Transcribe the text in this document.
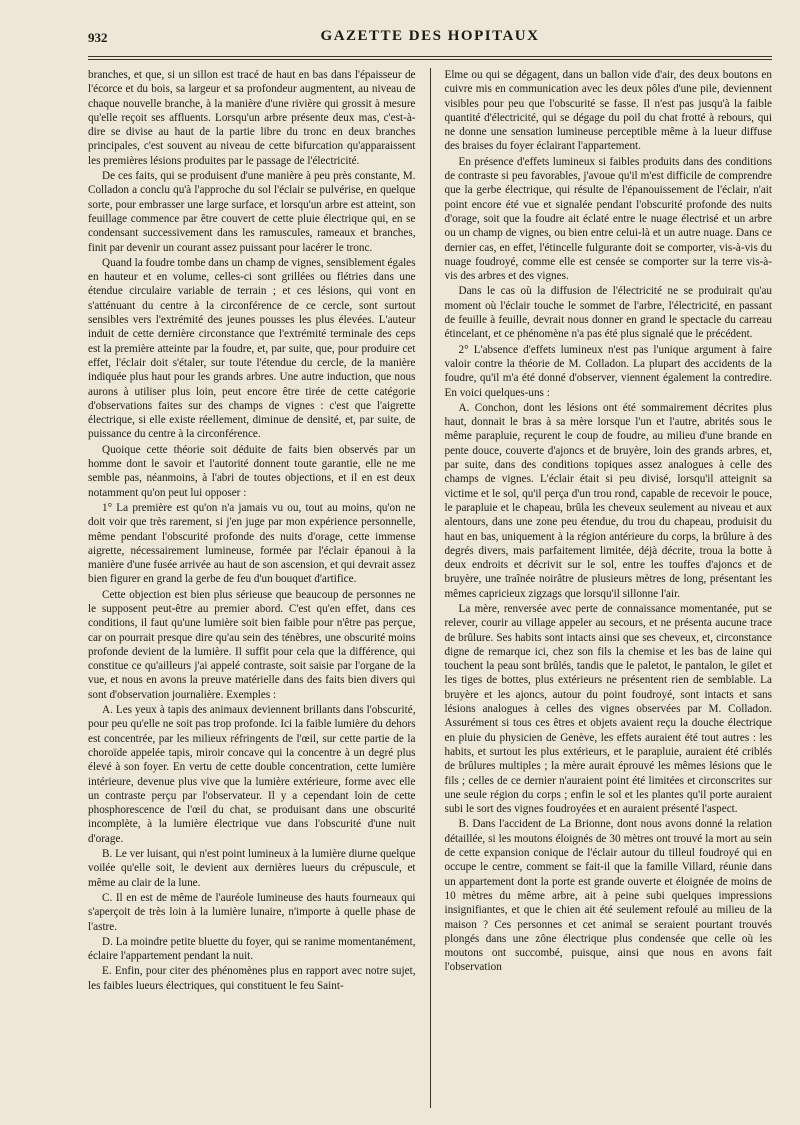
932	GAZETTE DES HOPITAUX

branches, et que, si un sillon est tracé de haut en bas dans l'épaisseur de l'écorce et du bois, sa largeur et sa profondeur augmentent, au niveau de chaque nouvelle branche, à la manière d'une rivière qui grossit à mesure qu'elle reçoit ses affluents. Lorsqu'un arbre présente deux mas, c'est-à-dire se divise au haut de la partie libre du tronc en deux branches principales, c'est souvent au niveau de cette bifurcation qu'apparaissent les premières lésions produites par le passage de l'électricité.

De ces faits, qui se produisent d'une manière à peu près constante, M. Colladon a conclu qu'à l'approche du sol l'éclair se pulvérise, en quelque sorte, pour embrasser une large surface, et lorsqu'un arbre est atteint, son feuillage commence par être couvert de cette pluie électrique qui, en se condensant successivement dans les ramuscules, rameaux et branches, finit par devenir un courant assez puissant pour lacérer le tronc.

Quand la foudre tombe dans un champ de vignes, sensiblement égales en hauteur et en volume, celles-ci sont grillées ou flétries dans une étendue circulaire variable de terrain ; et ces lésions, qui vont en s'atténuant du centre à la circonférence de ce cercle, sont surtout sensibles vers l'extrémité des jeunes pousses les plus élevées. L'auteur induit de cette dernière circonstance que l'extrémité terminale des ceps est la première atteinte par la foudre, et, par suite, que, pour produire cet effet, l'éclair doit s'étaler, sur toute l'étendue du cercle, de la manière indiquée plus haut pour les grands arbres. Une autre induction, que nous aurons à utiliser plus loin, peut encore être tirée de cette catégorie d'observations faites sur des champs de vignes : c'est que l'aigrette électrique, si elle existe réellement, diminue de densité, et, par suite, de puissance du centre à la circonférence.

Quoique cette théorie soit déduite de faits bien observés par un homme dont le savoir et l'autorité donnent toute garantie, elle ne me semble pas, néanmoins, à l'abri de toutes objections, et il en est deux notamment qu'on peut lui opposer :

1° La première est qu'on n'a jamais vu ou, tout au moins, qu'on ne doit voir que très rarement, si j'en juge par mon expérience personnelle, même pendant l'obscurité profonde des nuits d'orage, cette immense aigrette, nécessairement lumineuse, formée par l'éclair épanoui à la manière d'une fusée arrivée au haut de son ascension, et qui devrait assez bien figurer en grand la gerbe de feu d'un bouquet d'artifice.

Cette objection est bien plus sérieuse que beaucoup de personnes ne le supposent peut-être au premier abord. C'est qu'en effet, dans ces conditions, il faut qu'une lumière soit bien faible pour n'être pas perçue, car on pourrait presque dire qu'au sein des ténèbres, une obscurité moins profonde devient de la lumière. Il suffit pour cela que la différence, qui constitue ce qu'ailleurs j'ai appelé contraste, soit saisie par l'organe de la vue, et nous en avons la preuve matérielle dans des faits bien divers qui sont d'observation journalière. Exemples :

A. Les yeux à tapis des animaux deviennent brillants dans l'obscurité, pour peu qu'elle ne soit pas trop profonde. Ici la faible lumière du dehors est concentrée, par les milieux réfringents de l'œil, sur cette partie de la choroïde appelée tapis, miroir concave qui la concentre à un degré plus élevé à son foyer. En vertu de cette double concentration, cette lumière intérieure, devenue plus vive que la lumière extérieure, forme avec elle un contraste perçu par l'observateur. Il y a cependant loin de cette phosphorescence de l'œil du chat, se produisant dans une obscurité incomplète, à la lumière électrique vue dans l'obscurité d'une nuit d'orage.

B. Le ver luisant, qui n'est point lumineux à la lumière diurne quelque voilée qu'elle soit, le devient aux dernières lueurs du crépuscule, et même au clair de la lune.

C. Il en est de même de l'auréole lumineuse des hauts fourneaux qui s'aperçoit de très loin à la lumière lunaire, n'importe à quelle phase de l'astre.

D. La moindre petite bluette du foyer, qui se ranime momentanément, éclaire l'appartement pendant la nuit.

E. Enfin, pour citer des phénomènes plus en rapport avec notre sujet, les faibles lueurs électriques, qui constituent le feu Saint-

Elme ou qui se dégagent, dans un ballon vide d'air, des deux boutons en cuivre mis en communication avec les deux pôles d'une pile, deviennent visibles pour peu que l'obscurité se fasse. Il n'est pas jusqu'à la faible quantité d'électricité, qui se dégage du poil du chat frotté à rebours, qui ne donne une sensation lumineuse perceptible même à la lueur diffuse des braises du foyer éclairant l'appartement.

En présence d'effets lumineux si faibles produits dans des conditions de contraste si peu favorables, j'avoue qu'il m'est difficile de comprendre que la gerbe électrique, qui résulte de l'épanouissement de l'éclair, n'ait point encore été vue et signalée pendant l'obscurité profonde des nuits d'orage, soit que la foudre ait éclaté entre le nuage électrisé et un arbre ou un champ de vignes, ou bien entre celui-là et un autre nuage. Dans ce dernier cas, en effet, l'étincelle fulgurante doit se comporter, vis-à-vis du nuage foudroyé, comme elle est censée se comporter sur la terre vis-à-vis des arbres et des vignes.

Dans le cas où la diffusion de l'électricité ne se produirait qu'au moment où l'éclair touche le sommet de l'arbre, l'électricité, en passant de feuille à feuille, devrait nous donner en grand le spectacle du carreau étincelant, et ce phénomène n'a pas été plus signalé que le précédent.

2° L'absence d'effets lumineux n'est pas l'unique argument à faire valoir contre la théorie de M. Colladon. La plupart des accidents de la foudre, qu'il m'a été donné d'observer, viennent également la contredire. En voici quelques-uns :

A. Conchon, dont les lésions ont été sommairement décrites plus haut, donnait le bras à sa mère lorsque l'un et l'autre, abrités sous le même parapluie, reçurent le coup de foudre, au milieu d'une brande en pente douce, couverte d'ajoncs et de bruyère, loin des grands arbres, et, par suite, dans des conditions topiques assez analogues à celle des champs de vignes. L'éclair était si peu divisé, lorsqu'il atteignit sa victime et le sol, qu'il perça d'un trou rond, capable de recevoir le pouce, le parapluie et le chapeau, brûla les cheveux seulement au niveau et aux alentours, dans une zone peu étendue, du trou du chapeau, produisit du haut en bas, uniquement à la région antérieure du corps, la brûlure à des degrés divers, mais parfaitement limitée, déjà décrite, troua la botte à deux endroits et décrivit sur le sol, entre les touffes d'ajoncs et de bruyère, une traînée noirâtre de plusieurs mètres de long, présentant les mêmes capricieux zigzags que lorsqu'il sillonne l'air.

La mère, renversée avec perte de connaissance momentanée, put se relever, courir au village appeler au secours, et ne présenta aucune trace de brûlure. Ses habits sont intacts ainsi que ses cheveux, et, circonstance digne de remarque ici, chez son fils la chemise et les bas de laine qui touchent la peau sont brûlés, tandis que le paletot, le pantalon, le gilet et les tiges de bottes, plus extérieurs ne présentent rien de semblable. La bruyère et les ajoncs, autour du point foudroyé, sont intacts et sans lésions analogues à celles des vignes observées par M. Colladon. Assurément si tous ces êtres et objets avaient reçu la douche électrique en pluie du physicien de Genève, les effets auraient été tout autres : les habits, et surtout les plus extérieurs, et le parapluie, auraient été criblés de brûlures multiples ; la mère aurait éprouvé les mêmes lésions que le fils ; celles de ce dernier n'auraient point été limitées et circonscrites sur une seule région du corps ; enfin le sol et les plantes qu'il porte auraient subi le sort des vignes foudroyées et en auraient présenté l'aspect.

B. Dans l'accident de La Brionne, dont nous avons donné la relation détaillée, si les moutons éloignés de 30 mètres ont trouvé la mort au sein de cette expansion conique de l'éclair autour du tilleul foudroyé qui en occupe le centre, comment se fait-il que la famille Villard, réunie dans un appartement dont la porte est grande ouverte et éloignée de moins de 10 mètres du même arbre, ait à peine subi quelques impressions insignifiantes, et que le chien ait été seulement refoulé au milieu de la maison ? Ces personnes et cet animal se seraient pourtant trouvés plongés dans une zône électrique plus condensée que celle où les moutons ont succombé, puisque, ainsi que nous en avons fait l'observation
